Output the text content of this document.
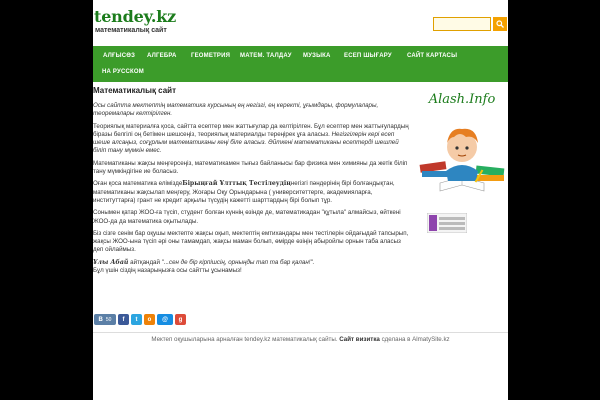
tendey.kz
математикалық сайт
АЛҒЫСӨЗ АЛГЕБРА ГЕОМЕТРИЯ МАТЕМ. ТАЛДАУ МУЗЫКА ЕСЕП ШЫҒАРУ	САЙТ КАРТАСЫ
НА РУССКОМ
Математикалық сайт

Осы сайтта мектептің математика курсының ең негізгі, ең керекті, ұғымдары, формулалары, теоремалары келтірілген.

Теориялық материалға қоса, сайтта есептер мен жаттығулар да келтірілген. Бұл есептер мен жаттығулардың біразы белгілі оң бетімен шешсеңіз, теориялық материалды тереңірек ұға аласыз. Негізгілерін кері есеп шеше алсаңыз, соғұрлым математиканы кеңі біле аласыз. Әйткені математиканы есептерді шешпей біліп тану мүмкін емес.

Математиканы жақсы меңгерсеңіз, математикамен тығыз байланысы бар физика мен химияны да жетік біліп тану мүмкіндігіне ие боласыз.

Оған қоса математика еліміздеБірыңғай Ұлттық Тестілеудіңнегізгі пәндерінің бірі болғандықтан, математиканы жақсылап меңгеру, Жоғары Оқу Орындарына ( университеттерге, академияларға, институттарға) грант не кредит арқылы түсудің кажетті шарттардың бірі болып тұр.

Сонымен қатар ЖОО-ға түсіп, студент болған күннің өзінде де, математикадан "құтыла" алмайсыз, өйткені ЖОО-да да математика оқытылады.

Біз сізге сенім бар оқушы мектепте жақсы оқып, мектептің емтихандары мен тестілерін ойдағыдай тапсырып, жақсы ЖОО-ына түсіп әрі оны тамамдап, жақсы маман болып, өмірде өзіңің абыройлы орнын таба аласыз деп ойлаймыз.

Ұлы Абай айтқандай "...сен де бір кірпішсің, орныңды тап та бар қалан!".

Бұл үшін сіздің назарыңызға осы сайтты ұсынамыз!

В 50 f t о @ g
Alash.Info
Мектеп оқушыларына арналған tendey.kz математикалық сайты. Сайт визитка сделана в AlmatySite.kz
